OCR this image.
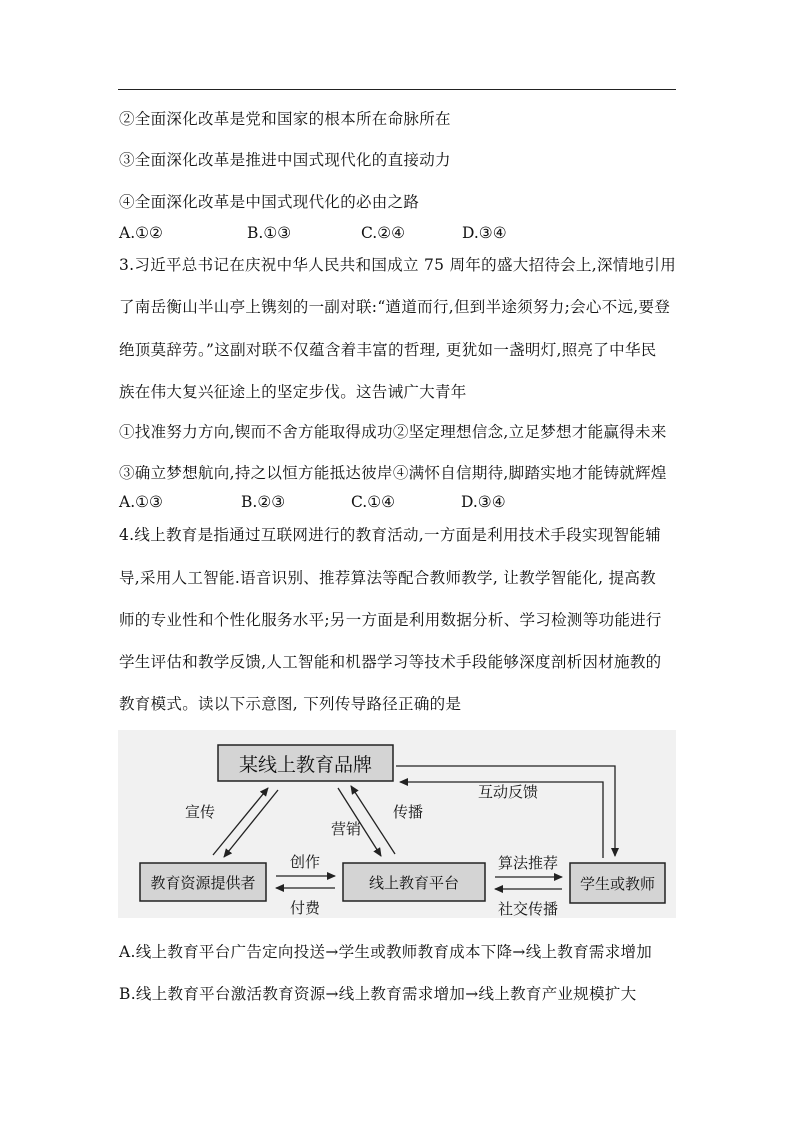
②全面深化改革是党和国家的根本所在命脉所在
③全面深化改革是推进中国式现代化的直接动力
④全面深化改革是中国式现代化的必由之路
A.①②	B.①③	C.②④	D.③④
3.习近平总书记在庆祝中华人民共和国成立 75 周年的盛大招待会上,深情地引用
了南岳衡山半山亭上镌刻的一副对联:“遒道而行,但到半途须努力;会心不远,要登
绝顶莫辞劳。”这副对联不仅蕴含着丰富的哲理, 更犹如一盏明灯,照亮了中华民
族在伟大复兴征途上的坚定步伐。这告诫广大青年
①找准努力方向,锲而不舍方能取得成功②坚定理想信念,立足梦想才能赢得未来
③确立梦想航向,持之以恒方能抵达彼岸④满怀自信期待,脚踏实地才能铸就辉煌
A.①③	B.②③	C.①④	D.③④
4.线上教育是指通过互联网进行的教育活动,一方面是利用技术手段实现智能辅
导,采用人工智能.语音识别、推荐算法等配合教师教学, 让教学智能化, 提高教
师的专业性和个性化服务水平;另一方面是利用数据分析、学习检测等功能进行
学生评估和教学反馈,人工智能和机器学习等技术手段能够深度剖析因材施教的
教育模式。读以下示意图, 下列传导路径正确的是
某线上教育品牌
教育资源提供者	线上教育平台	学生或教师
宣传
营销
传播
互动反馈
创作
付费
算法推荐
社交传播
A.线上教育平台广告定向投送→学生或教师教育成本下降→线上教育需求增加
B.线上教育平台激活教育资源→线上教育需求增加→线上教育产业规模扩大
